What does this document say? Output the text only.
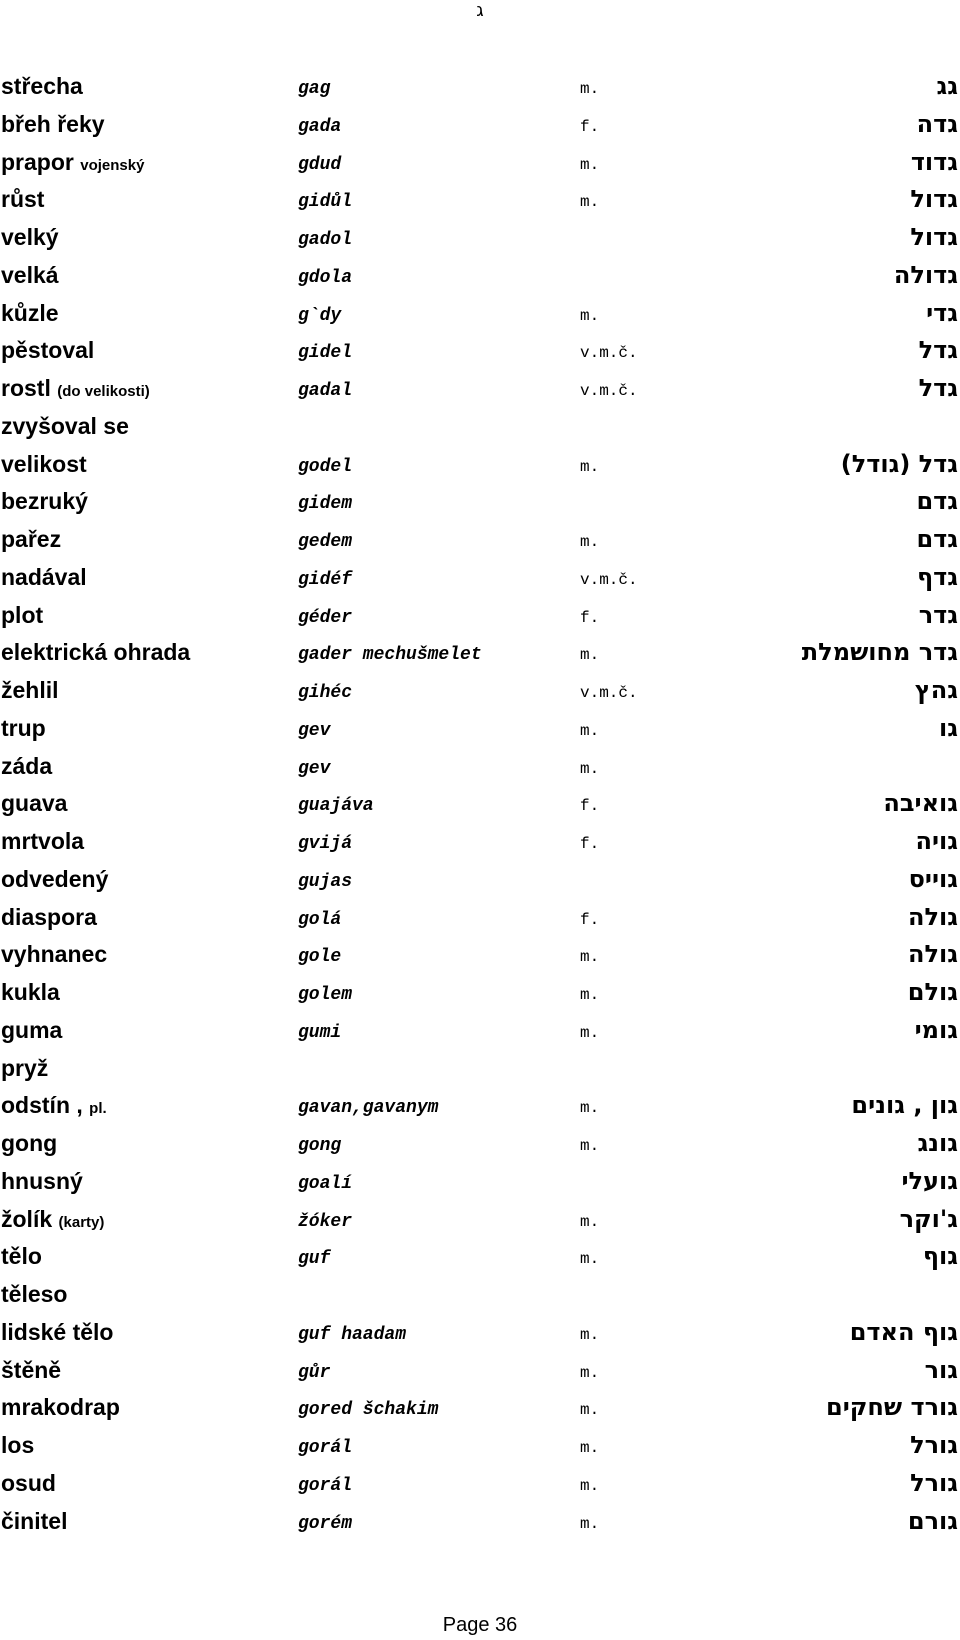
ג
střecha	gag	m.	גג
břeh řeky	gada	f.	גדה
prapor vojenský	gdud	m.	גדוד
růst	gidůl	m.	גדול
velký	gadol	גדול
velká	gdola	גדולה
kůzle	g`dy	m.	גדי
pěstoval	gidel	v.m.č.	גדל
rostl (do velikosti)	gadal	v.m.č.	גדל
zvyšoval se
velikost	godel	m.	גדל (גודל)
bezruký	gidem	גדם
pařez	gedem	m.	גדם
nadával	gidéf	v.m.č.	גדף
plot	géder	f.	גדר
elektrická ohrada	gader mechušmelet	m.	גדר מחושמלת
žehlil	gihéc	v.m.č.	גהץ
trup	gev	m.	גו
záda	gev	m.
guava	guajáva	f.	גואיבה
mrtvola	gvijá	f.	גויה
odvedený	gujas	גוייס
diaspora	golá	f.	גולה
vyhnanec	gole	m.	גולה
kukla	golem	m.	גולם
guma	gumi	m.	גומי
pryž
odstín , pl.	gavan,gavanym	m.	גון , גונים
gong	gong	m.	גונג
hnusný	goalí	גועלי
žolík (karty)	žóker	m.	ג'וקר
tělo	guf	m.	גוף
těleso
lidské tělo	guf haadam	m.	גוף האדם
štěně	gůr	m.	גור
mrakodrap	gored šchakim	m.	גורד שחקים
los	gorál	m.	גורל
osud	gorál	m.	גורל
činitel	gorém	m.	גורם
Page 36
